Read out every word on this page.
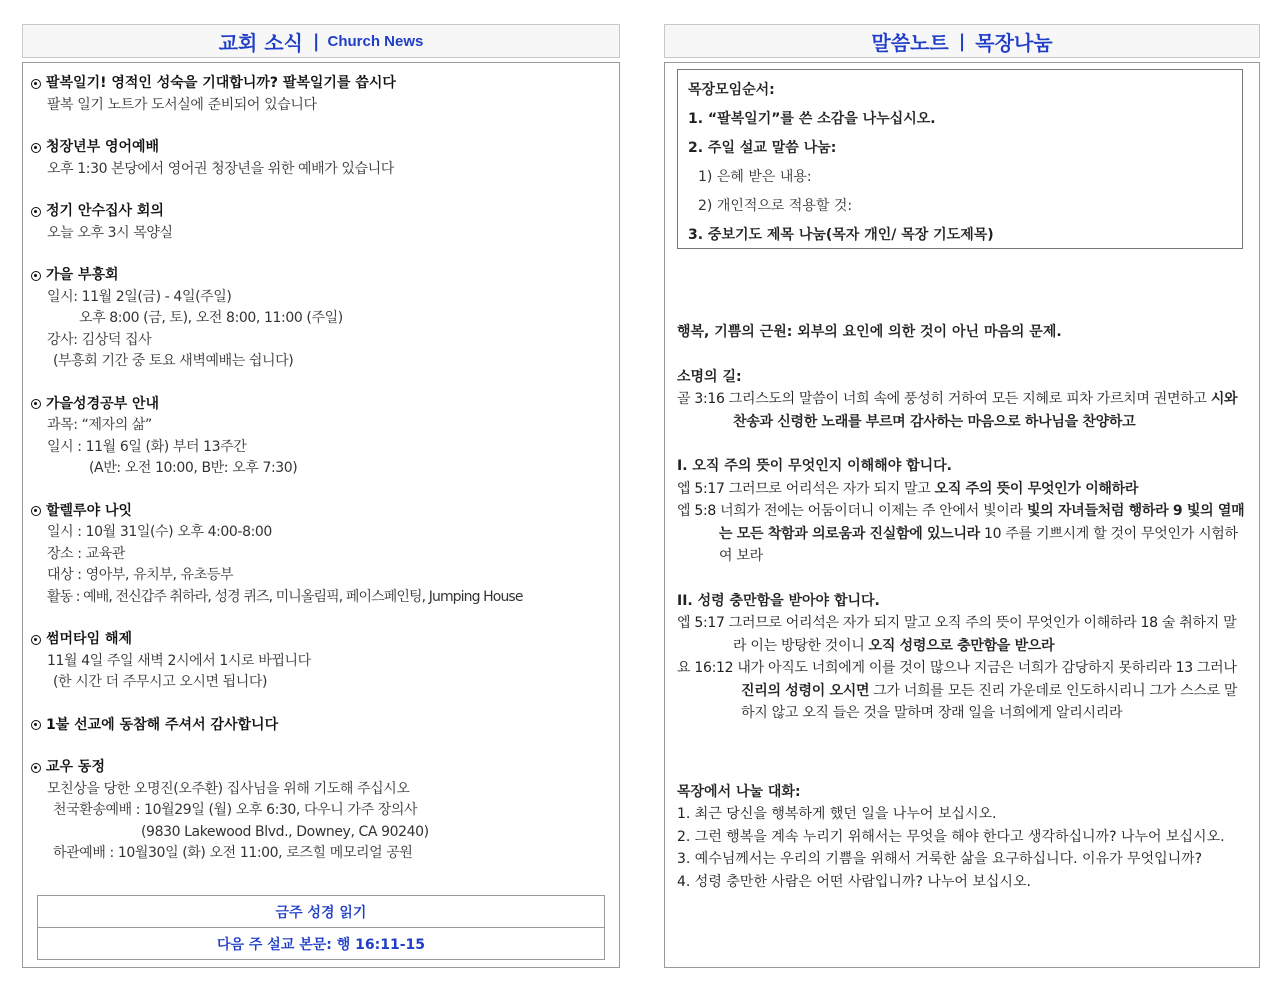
교회 소식 | Church News
팔복일기! 영적인 성숙을 기대합니까? 팔복일기를 씁시다
팔복 일기 노트가 도서실에 준비되어 있습니다
청장년부 영어예배
오후 1:30 본당에서 영어권 청장년을 위한 예배가 있습니다
정기 안수집사 회의
오늘 오후 3시 목양실
가을 부흥회
일시: 11월 2일(금) - 4일(주일)
오후 8:00 (금, 토), 오전 8:00, 11:00 (주일)
강사: 김상덕 집사
(부흥회 기간 중 토요 새벽예배는 쉽니다)
가을성경공부 안내
과목: “제자의 삶”
일시 : 11월 6일 (화) 부터 13주간
(A반: 오전 10:00, B반: 오후 7:30)
할렐루야 나잇
일시 : 10월 31일(수) 오후 4:00-8:00
장소 : 교육관
대상 : 영아부, 유치부, 유초등부
활동 : 예배, 전신갑주 취하라, 성경 퀴즈, 미니올림픽, 페이스페인팅, Jumping House
썸머타임 해제
11월 4일 주일 새벽 2시에서 1시로 바뀝니다
(한 시간 더 주무시고 오시면 됩니다)
1불 선교에 동참해 주셔서 감사합니다
교우 동정
모친상을 당한 오명진(오주환) 집사님을 위해 기도해 주십시오
천국환송예배 : 10월29일 (월) 오후 6:30, 다우니 가주 장의사
(9830 Lakewood Blvd., Downey, CA 90240)
하관예배 : 10월30일 (화) 오전 11:00, 로즈힐 메모리얼 공원
금주 성경 읽기
다음 주 설교 본문: 행 16:11-15
말씀노트 | 목장나눔
목장모임순서:
1. “팔복일기”를 쓴 소감을 나누십시오.
2. 주일 설교 말씀 나눔:
1) 은혜 받은 내용:
2) 개인적으로 적용할 것:
3. 중보기도 제목 나눔(목자 개인/ 목장 기도제목)
행복, 기쁨의 근원: 외부의 요인에 의한 것이 아닌 마음의 문제.
소명의 길:
골 3:16 그리스도의 말씀이 너희 속에 풍성히 거하여 모든 지혜로 피차 가르치며 권면하고 시와 찬송과 신령한 노래를 부르며 감사하는 마음으로 하나님을 찬양하고
I. 오직 주의 뜻이 무엇인지 이해해야 합니다.
엡 5:17 그러므로 어리석은 자가 되지 말고 오직 주의 뜻이 무엇인가 이해하라
엡 5:8 너희가 전에는 어둠이더니 이제는 주 안에서 빛이라 빛의 자녀들처럼 행하라 9 빛의 열매는 모든 착함과 의로움과 진실함에 있느니라 10 주를 기쁘시게 할 것이 무엇인가 시험하여 보라
II. 성령 충만함을 받아야 합니다.
엡 5:17 그러므로 어리석은 자가 되지 말고 오직 주의 뜻이 무엇인가 이해하라 18 술 취하지 말라 이는 방탕한 것이니 오직 성령으로 충만함을 받으라
요 16:12 내가 아직도 너희에게 이를 것이 많으나 지금은 너희가 감당하지 못하리라 13 그러나 진리의 성령이 오시면 그가 너희를 모든 진리 가운데로 인도하시리니 그가 스스로 말하지 않고 오직 들은 것을 말하며 장래 일을 너희에게 알리시리라
목장에서 나눌 대화:
1. 최근 당신을 행복하게 했던 일을 나누어 보십시오.
2. 그런 행복을 계속 누리기 위해서는 무엇을 해야 한다고 생각하십니까? 나누어 보십시오.
3. 예수님께서는 우리의 기쁨을 위해서 거룩한 삶을 요구하십니다. 이유가 무엇입니까?
4. 성령 충만한 사람은 어떤 사람입니까? 나누어 보십시오.
